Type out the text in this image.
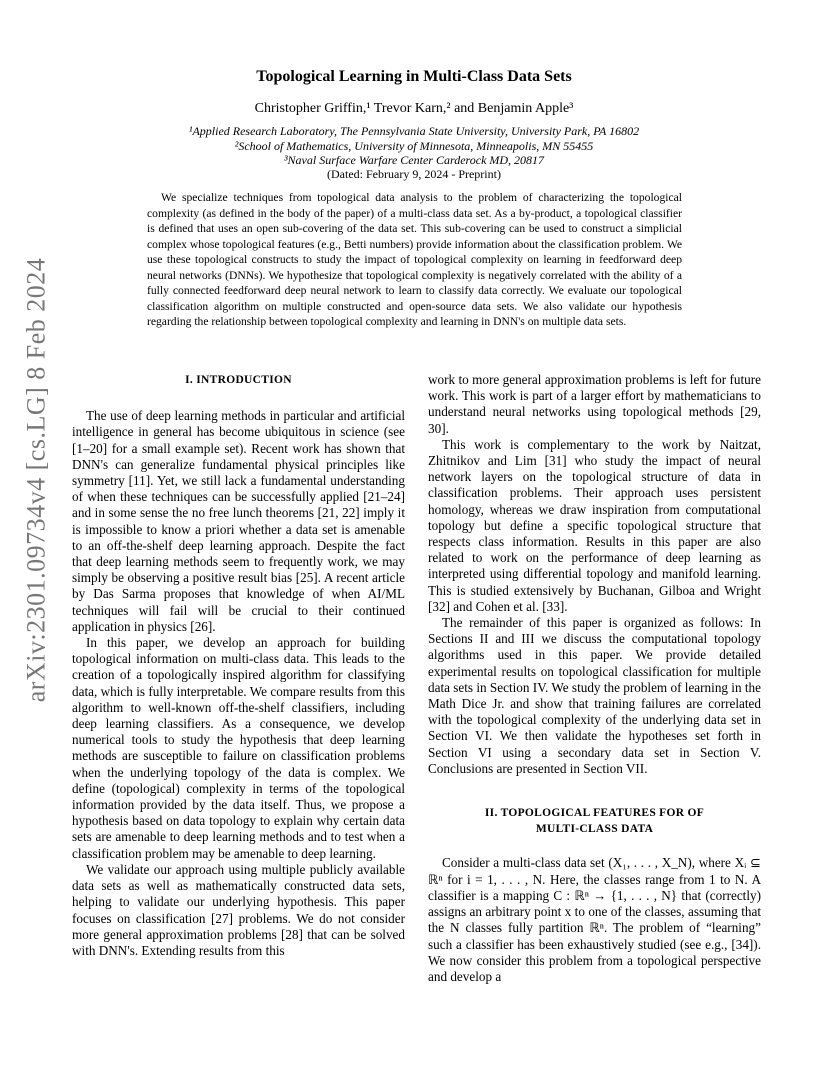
arXiv:2301.09734v4 [cs.LG] 8 Feb 2024
Topological Learning in Multi-Class Data Sets
Christopher Griffin,¹ Trevor Karn,² and Benjamin Apple³
¹Applied Research Laboratory, The Pennsylvania State University, University Park, PA 16802
²School of Mathematics, University of Minnesota, Minneapolis, MN 55455
³Naval Surface Warfare Center Carderock MD, 20817
(Dated: February 9, 2024 - Preprint)
We specialize techniques from topological data analysis to the problem of characterizing the topological complexity (as defined in the body of the paper) of a multi-class data set. As a by-product, a topological classifier is defined that uses an open sub-covering of the data set. This sub-covering can be used to construct a simplicial complex whose topological features (e.g., Betti numbers) provide information about the classification problem. We use these topological constructs to study the impact of topological complexity on learning in feedforward deep neural networks (DNNs). We hypothesize that topological complexity is negatively correlated with the ability of a fully connected feedforward deep neural network to learn to classify data correctly. We evaluate our topological classification algorithm on multiple constructed and open-source data sets. We also validate our hypothesis regarding the relationship between topological complexity and learning in DNN's on multiple data sets.

I. INTRODUCTION

The use of deep learning methods in particular and artificial intelligence in general has become ubiquitous in science (see [1–20] for a small example set). Recent work has shown that DNN's can generalize fundamental physical principles like symmetry [11]. Yet, we still lack a fundamental understanding of when these techniques can be successfully applied [21–24] and in some sense the no free lunch theorems [21, 22] imply it is impossible to know a priori whether a data set is amenable to an off-the-shelf deep learning approach. Despite the fact that deep learning methods seem to frequently work, we may simply be observing a positive result bias [25]. A recent article by Das Sarma proposes that knowledge of when AI/ML techniques will fail will be crucial to their continued application in physics [26].

In this paper, we develop an approach for building topological information on multi-class data. This leads to the creation of a topologically inspired algorithm for classifying data, which is fully interpretable. We compare results from this algorithm to well-known off-the-shelf classifiers, including deep learning classifiers. As a consequence, we develop numerical tools to study the hypothesis that deep learning methods are susceptible to failure on classification problems when the underlying topology of the data is complex. We define (topological) complexity in terms of the topological information provided by the data itself. Thus, we propose a hypothesis based on data topology to explain why certain data sets are amenable to deep learning methods and to test when a classification problem may be amenable to deep learning.

We validate our approach using multiple publicly available data sets as well as mathematically constructed data sets, helping to validate our underlying hypothesis. This paper focuses on classification [27] problems. We do not consider more general approximation problems [28] that can be solved with DNN's. Extending results from this

work to more general approximation problems is left for future work. This work is part of a larger effort by mathematicians to understand neural networks using topological methods [29, 30].

This work is complementary to the work by Naitzat, Zhitnikov and Lim [31] who study the impact of neural network layers on the topological structure of data in classification problems. Their approach uses persistent homology, whereas we draw inspiration from computational topology but define a specific topological structure that respects class information. Results in this paper are also related to work on the performance of deep learning as interpreted using differential topology and manifold learning. This is studied extensively by Buchanan, Gilboa and Wright [32] and Cohen et al. [33].

The remainder of this paper is organized as follows: In Sections II and III we discuss the computational topology algorithms used in this paper. We provide detailed experimental results on topological classification for multiple data sets in Section IV. We study the problem of learning in the Math Dice Jr. and show that training failures are correlated with the topological complexity of the underlying data set in Section VI. We then validate the hypotheses set forth in Section VI using a secondary data set in Section V. Conclusions are presented in Section VII.

II. TOPOLOGICAL FEATURES FOR OF

MULTI-CLASS DATA

Consider a multi-class data set (X₁, . . . , X_N), where Xᵢ ⊆ ℝⁿ for i = 1, . . . , N. Here, the classes range from 1 to N. A classifier is a mapping C : ℝⁿ → {1, . . . , N} that (correctly) assigns an arbitrary point x to one of the classes, assuming that the N classes fully partition ℝⁿ. The problem of “learning” such a classifier has been exhaustively studied (see e.g., [34]). We now consider this problem from a topological perspective and develop a
